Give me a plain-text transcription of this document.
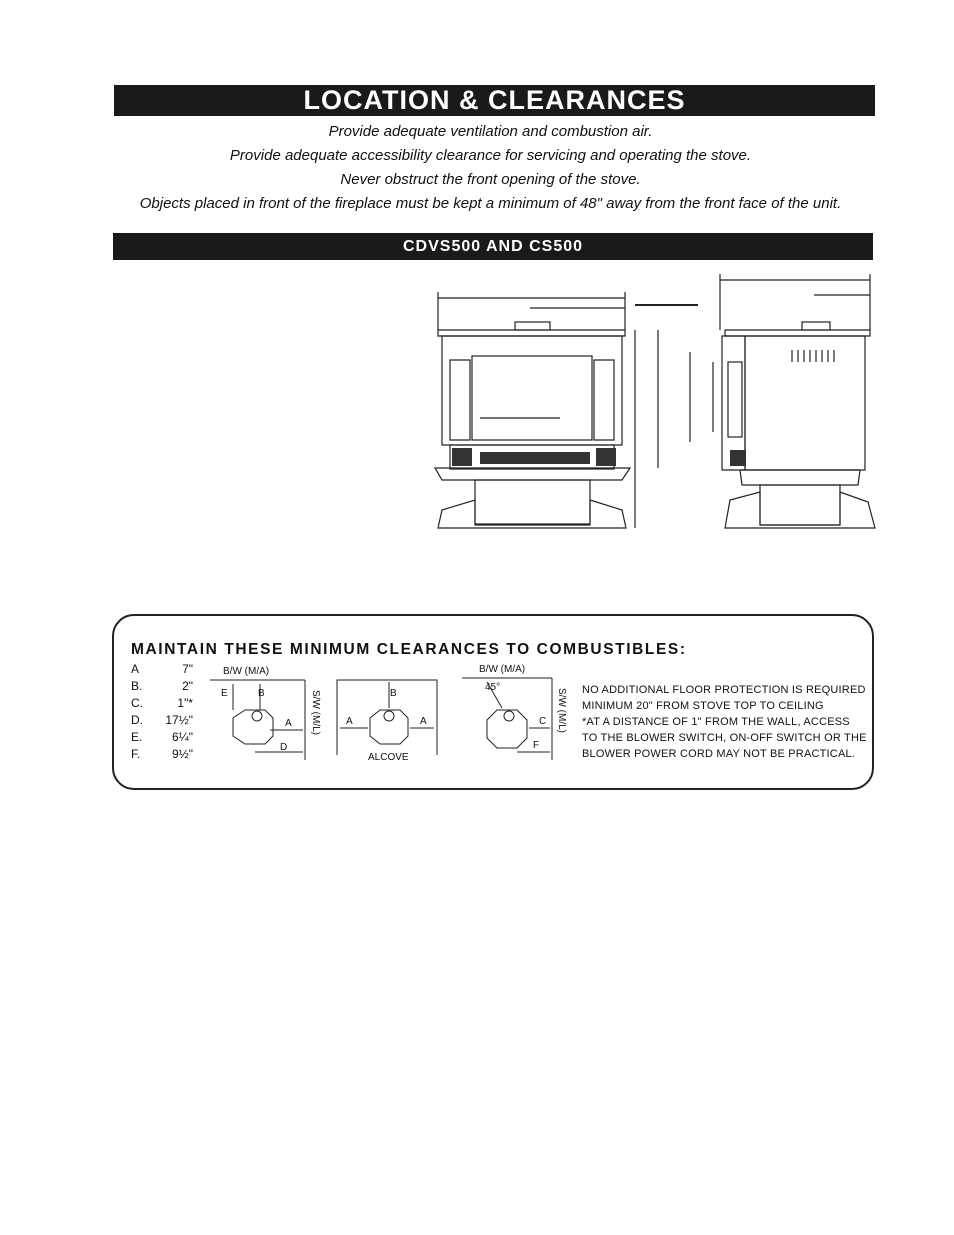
LOCATION & CLEARANCES
Provide adequate ventilation and combustion air.
Provide adequate accessibility clearance for servicing and operating the stove.
Never obstruct the front opening of the stove.
Objects placed in front of the fireplace must be kept a minimum of 48" away from the front face of the unit.
CDVS500 AND CS500
MAINTAIN THESE MINIMUM CLEARANCES TO COMBUSTIBLES:
A	7"
B.	2"
C.	1"*
D. 17½"
E. 6¼"
F.	9½"
B/W (M/A)
E	B
A
D
S/W (M/L)	B
A	A
ALCOVE
B/W (M/A)
45°
C
F
S/W (M/L) NO ADDITIONAL FLOOR PROTECTION IS REQUIRED
MINIMUM 20" FROM STOVE TOP TO CEILING
*AT A DISTANCE OF 1" FROM THE WALL, ACCESS
TO THE BLOWER SWITCH, ON-OFF SWITCH OR THE
BLOWER POWER CORD MAY NOT BE PRACTICAL.
